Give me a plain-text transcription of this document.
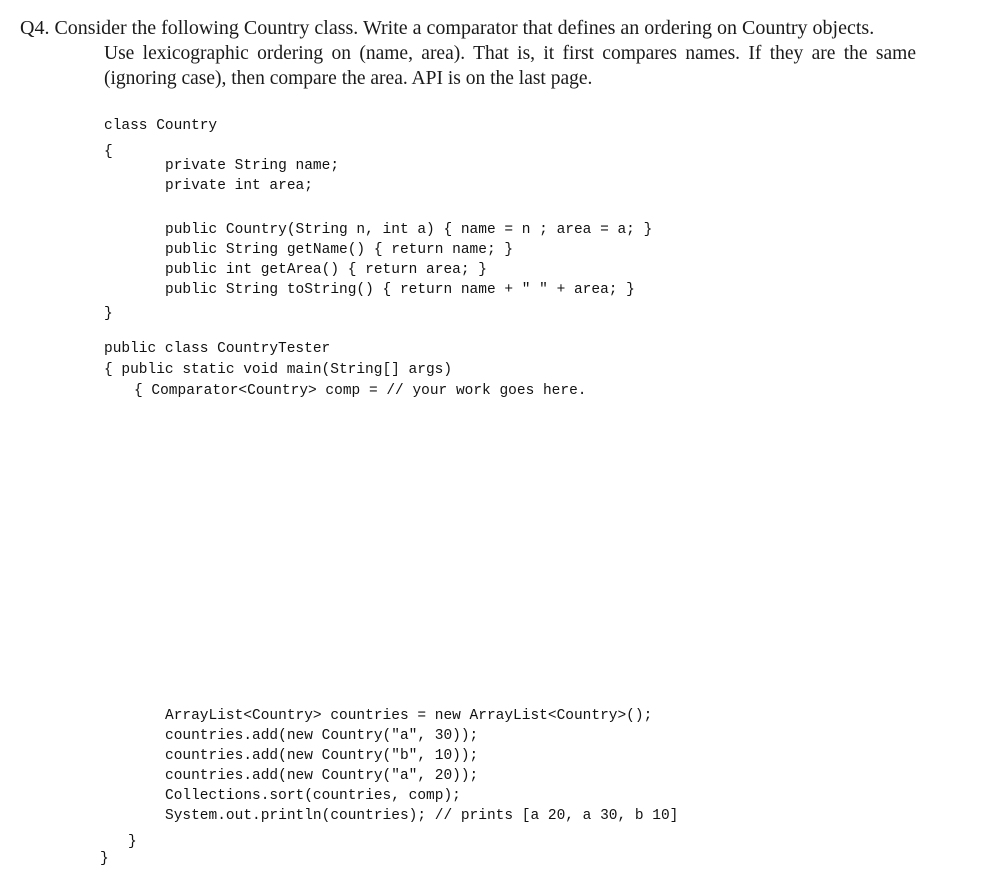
Q4. Consider the following Country class. Write a comparator that defines an ordering on Country objects.
Use lexicographic ordering on (name, area). That is, it first compares names. If they are the same
(ignoring case), then compare the area. API is on the last page.
class Country
{
private String name;
private int area;
public Country(String n, int a) { name = n ; area = a; }
public String getName() { return name; }
public int getArea() { return area; }
public String toString() { return name + " " + area; }
}
public class CountryTester
{ public static void main(String[] args)
{ Comparator<Country> comp = // your work goes here.
ArrayList<Country> countries = new ArrayList<Country>();
countries.add(new Country("a", 30));
countries.add(new Country("b", 10));
countries.add(new Country("a", 20));
Collections.sort(countries, comp);
System.out.println(countries); // prints [a 20, a 30, b 10]
}
}
